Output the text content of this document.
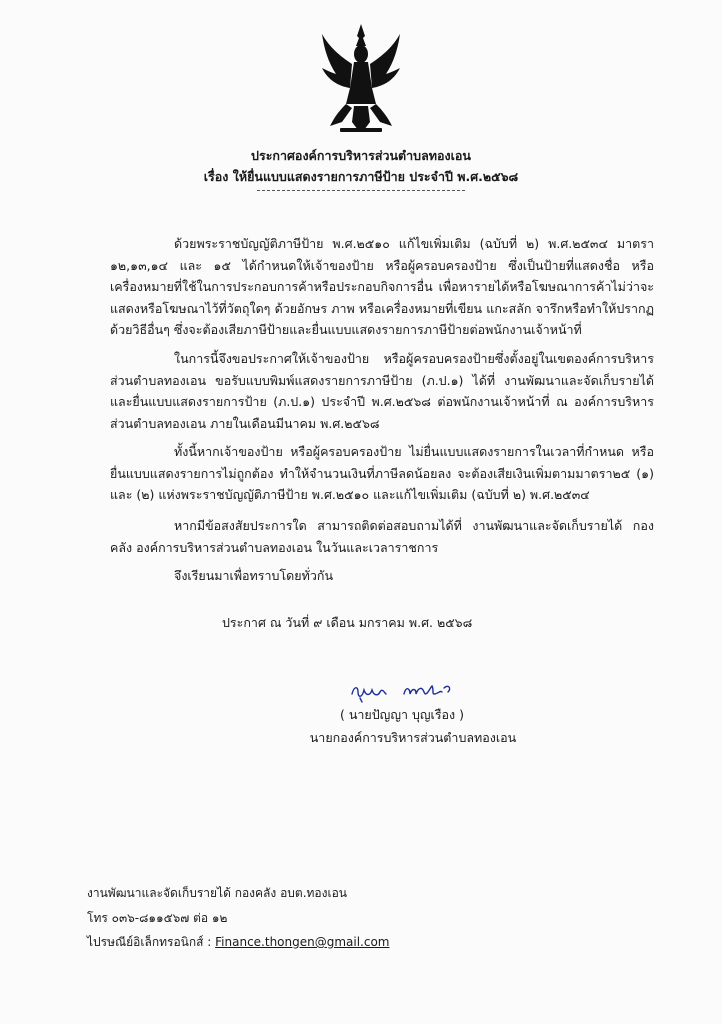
ประกาศองค์การบริหารส่วนตำบลทองเอน
เรื่อง ให้ยื่นแบบแสดงรายการภาษีป้าย ประจำปี พ.ศ.๒๕๖๘

ด้วยพระราชบัญญัติภาษีป้าย พ.ศ.๒๕๑๐ แก้ไขเพิ่มเติม (ฉบับที่ ๒) พ.ศ.๒๕๓๔ มาตรา ๑๒,๑๓,๑๔ และ ๑๕ ได้กำหนดให้เจ้าของป้าย หรือผู้ครอบครองป้าย ซึ่งเป็นป้ายที่แสดงชื่อ หรือเครื่องหมายที่ใช้ในการประกอบการค้าหรือประกอบกิจการอื่น เพื่อหารายได้หรือโฆษณาการค้าไม่ว่าจะแสดงหรือโฆษณาไว้ที่วัตถุใดๆ ด้วยอักษร ภาพ หรือเครื่องหมายที่เขียน แกะสลัก จารึกหรือทำให้ปรากฏด้วยวิธีอื่นๆ ซึ่งจะต้องเสียภาษีป้ายและยื่นแบบแสดงรายการภาษีป้ายต่อพนักงานเจ้าหน้าที่

ในการนี้จึงขอประกาศให้เจ้าของป้าย หรือผู้ครอบครองป้ายซึ่งตั้งอยู่ในเขตองค์การบริหารส่วนตำบลทองเอน ขอรับแบบพิมพ์แสดงรายการภาษีป้าย (ภ.ป.๑) ได้ที่ งานพัฒนาและจัดเก็บรายได้ และยื่นแบบแสดงรายการป้าย (ภ.ป.๑) ประจำปี พ.ศ.๒๕๖๘ ต่อพนักงานเจ้าหน้าที่ ณ องค์การบริหารส่วนตำบลทองเอน ภายในเดือนมีนาคม พ.ศ.๒๕๖๘

ทั้งนี้หากเจ้าของป้าย หรือผู้ครอบครองป้าย ไม่ยื่นแบบแสดงรายการในเวลาที่กำหนด หรือยื่นแบบแสดงรายการไม่ถูกต้อง ทำให้จำนวนเงินที่ภาษีลดน้อยลง จะต้องเสียเงินเพิ่มตามมาตรา๒๕ (๑) และ (๒) แห่งพระราชบัญญัติภาษีป้าย พ.ศ.๒๕๑๐ และแก้ไขเพิ่มเติม (ฉบับที่ ๒) พ.ศ.๒๕๓๔

หากมีข้อสงสัยประการใด สามารถติดต่อสอบถามได้ที่ งานพัฒนาและจัดเก็บรายได้ กองคลัง องค์การบริหารส่วนตำบลทองเอน ในวันและเวลาราชการ

จึงเรียนมาเพื่อทราบโดยทั่วกัน

ประกาศ ณ วันที่ ๙ เดือน มกราคม พ.ศ. ๒๕๖๘

( นายปัญญา บุญเรือง )
นายกองค์การบริหารส่วนตำบลทองเอน
งานพัฒนาและจัดเก็บรายได้ กองคลัง อบต.ทองเอน
โทร ๐๓๖-๘๑๑๕๖๗ ต่อ ๑๒
ไปรษณีย์อิเล็กทรอนิกส์ : Finance.thongen@gmail.com
